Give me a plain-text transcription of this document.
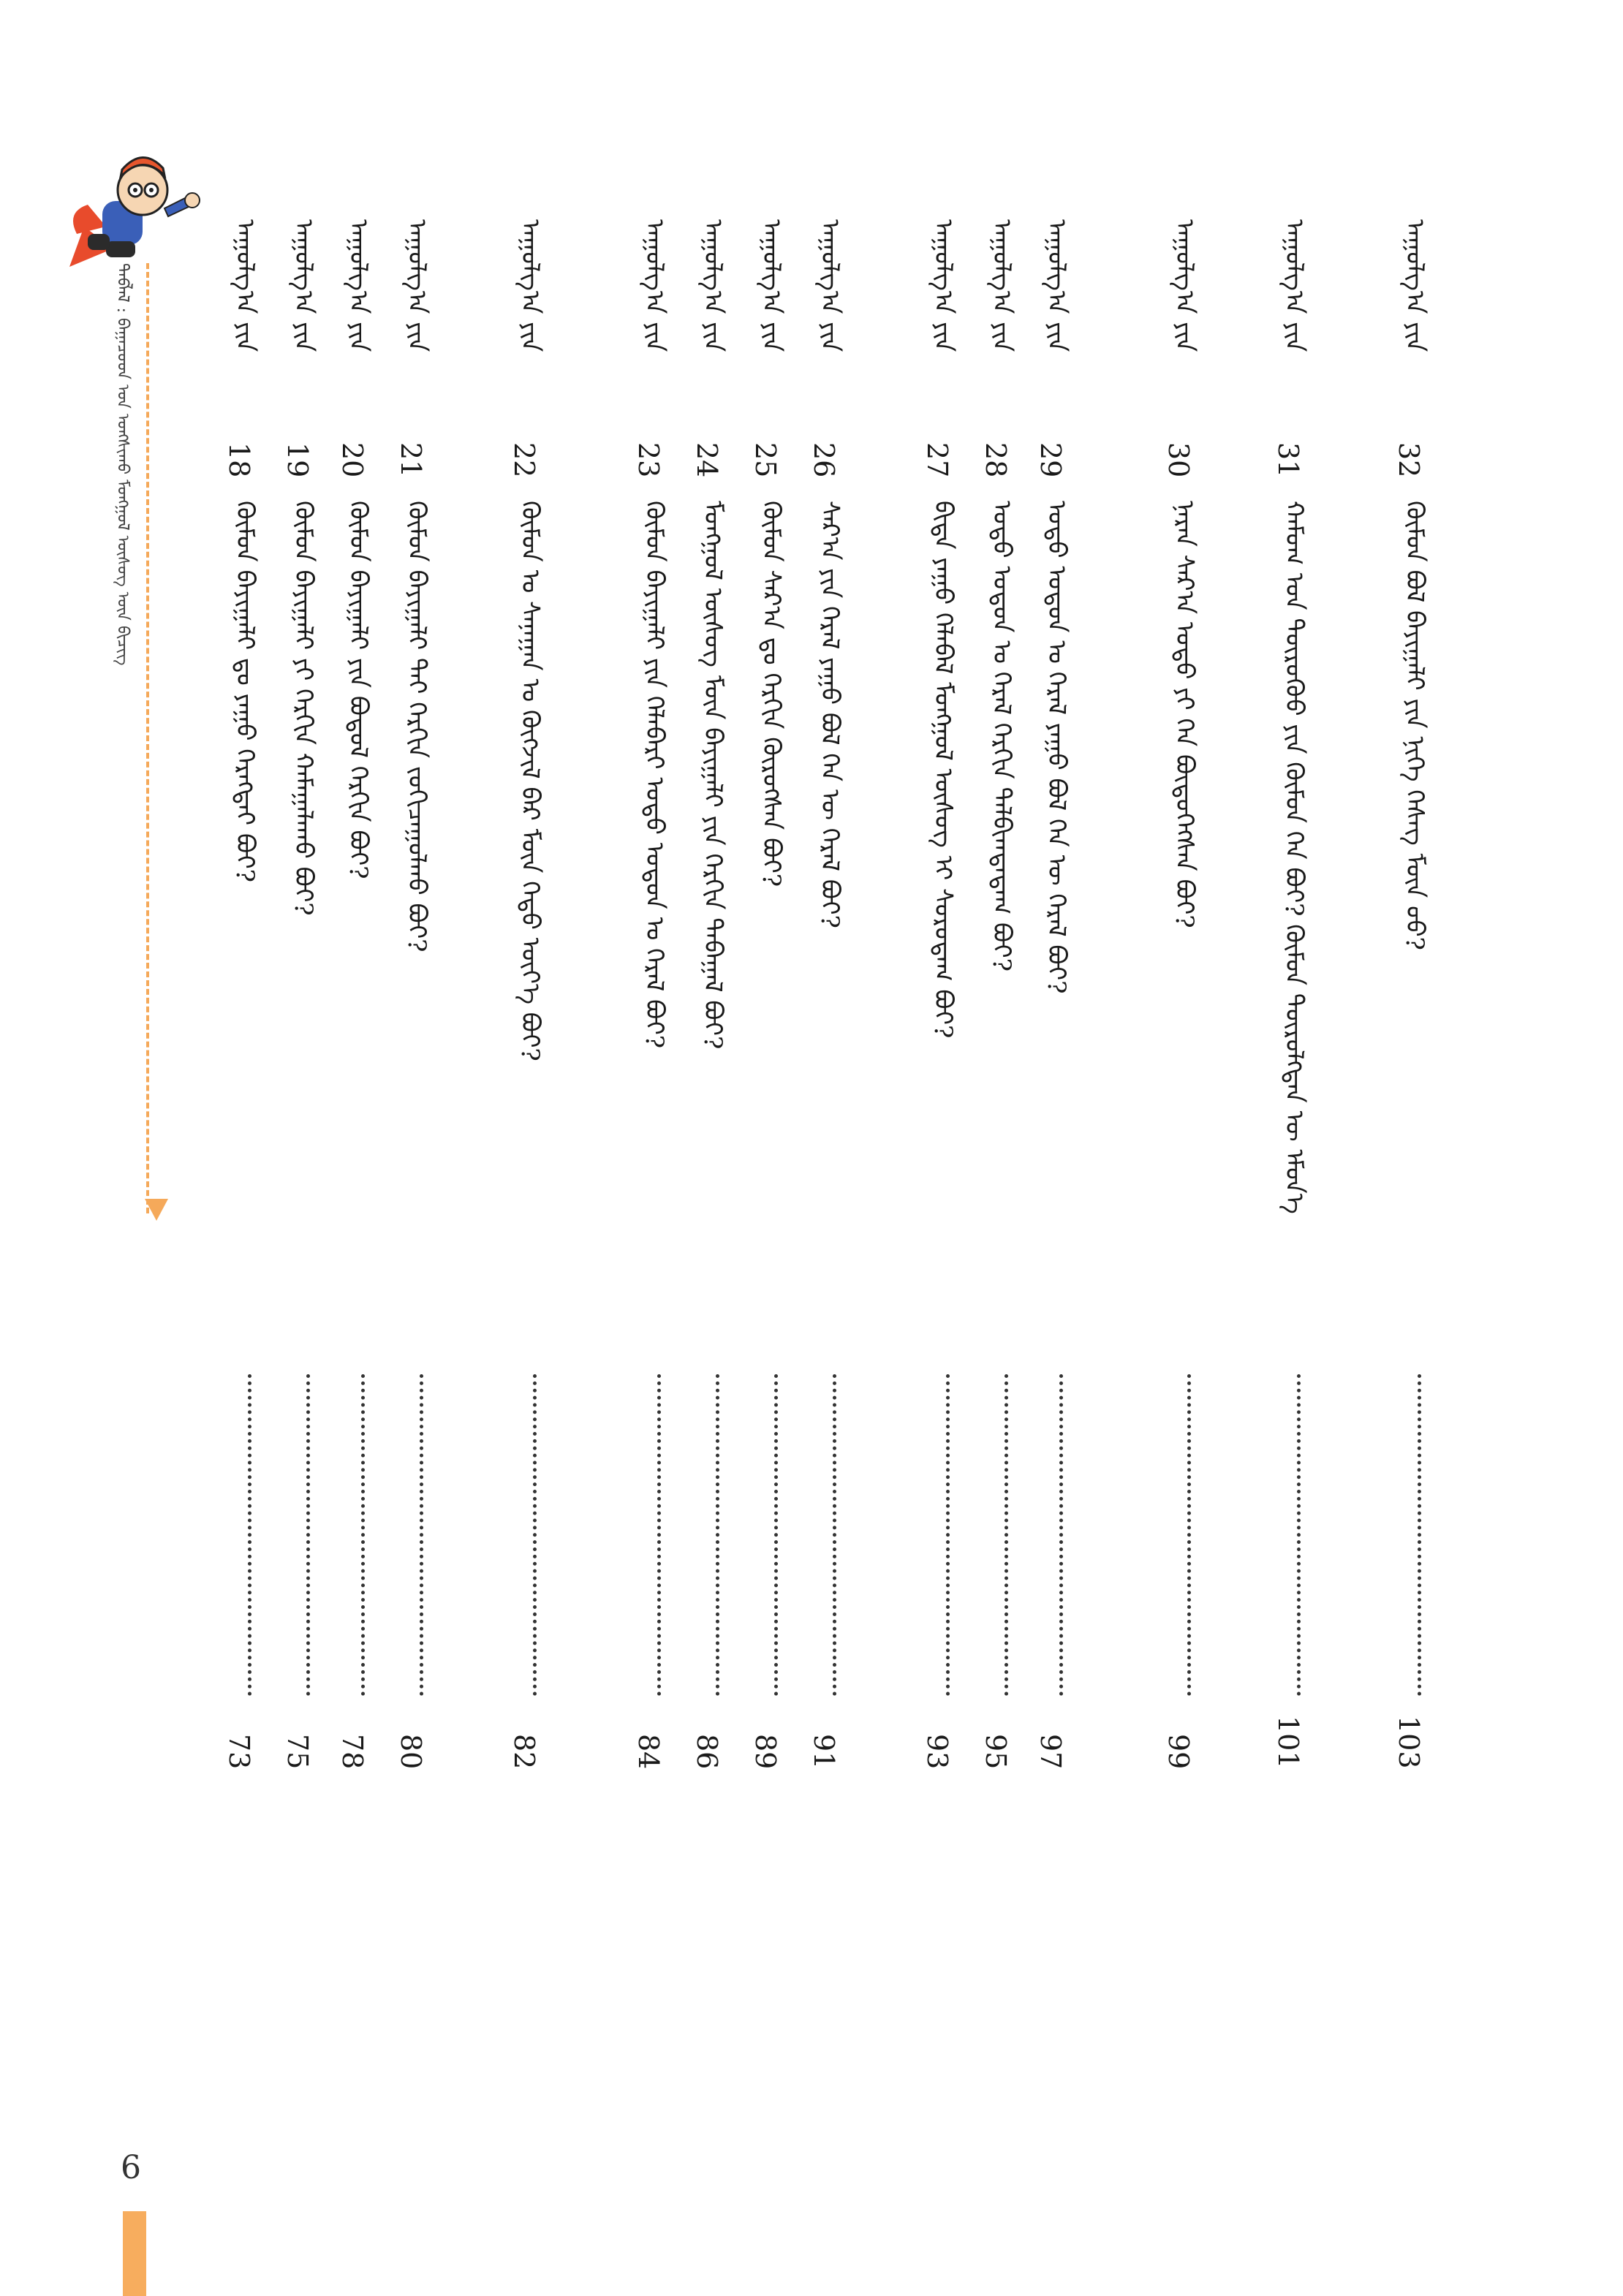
ᠲᠡᠪᠯᠡᠯ : ᠪᠠᠭᠠᠴᠤᠳ ᠤᠨ ᠤᠩᠰᠢᠬᠤ ᠮᠣᠩᠭᠣᠯ ᠦᠰᠦᠭ ᠦᠨ ᠪᠢᠴᠢᠭ	ᠠᠭᠤᠯᠭ᠎ᠠ ᠶᠢᠨ
32
ᠬᠦᠮᠦᠨ ᠪᠣᠯ ᠪᠠᠶᠢᠭᠠᠯᠢ ᠶᠢᠨ ᠨᠢᠭᠡ ᠬᠡᠰᠡᠭ ᠮᠥᠨ ᠦᠦ?
103
ᠠᠭᠤᠯᠭ᠎ᠠ ᠶᠢᠨ
31
ᠬᠠᠮᠤᠭ ᠤᠨ ᠲᠦᠷᠦᠭᠦᠦ ᠶᠢᠨ ᠬᠦᠮᠦᠨ ᠬᠡᠨ ᠪᠤᠢ? ᠬᠦᠮᠦᠨ ᠲᠥᠷᠦᠯᠬᠲᠡᠨ ᠦ ᠡᠮᠦᠨ᠎ᠡ
101
ᠠᠭᠤᠯᠭ᠎ᠠ ᠶᠢᠨ
30
ᠨᠠᠷᠠᠨ ᠰᠠᠷ᠎ᠠ ᠣᠳᠤ ᠶᠢ ᠬᠡᠨ ᠪᠦᠲᠦᠭᠡᠭᠰᠡᠨ ᠪᠤᠢ?
99
ᠠᠭᠤᠯᠭ᠎ᠠ ᠶᠢᠨ
29
ᠣᠳᠣ ᠣᠳᠣᠨ ᠤ ᠭᠡᠷᠡᠯ ᠶᠠᠭᠤ ᠪᠣᠯ ᠬᠡᠨ ᠦ ᠭᠡᠷᠡᠯ ᠪᠤᠢ?
97
ᠠᠭᠤᠯᠭ᠎ᠠ ᠶᠢᠨ
28
ᠣᠳᠣ ᠣᠳᠣᠨ ᠤ ᠭᠡᠷᠡᠯ ᠬᠡᠷᠬᠢᠨ ᠲᠠᠯᠪᠢᠭᠳᠠᠳᠠᠭ ᠪᠤᠢ?
95
ᠠᠭᠤᠯᠭ᠎ᠠ ᠶᠢᠨ
27
ᠪᠢᠳᠡ ᠶᠠᠭᠤ ᠬᠡᠯᠡᠪᠡᠯ ᠮᠣᠩᠭᠣᠯ ᠦᠰᠦᠭ ᠢ ᠰᠤᠷᠤᠳᠠᠭ ᠪᠤᠢ?
93
ᠠᠭᠤᠯᠭ᠎ᠠ ᠶᠢᠨ
26
ᠰᠠᠷ᠎ᠠ ᠶᠢᠨ ᠭᠡᠷᠡᠯ ᠶᠠᠭᠤ ᠪᠣᠯ ᠬᠡᠨ ᠦ ᠭᠡᠷᠡᠯ ᠪᠤᠢ?
91
ᠠᠭᠤᠯᠭ᠎ᠠ ᠶᠢᠨ
25
ᠬᠦᠮᠦᠨ ᠰᠠᠷ᠎ᠠ ᠳᠤ ᠬᠡᠷᠬᠢᠨ ᠬᠦᠷᠦᠭᠰᠡᠨ ᠪᠤᠢ?
89
ᠠᠭᠤᠯᠭ᠎ᠠ ᠶᠢᠨ
24
ᠮᠣᠨᠭᠭᠣᠯ ᠦᠰᠦᠭ ᠮᠥᠨ ᠪᠠᠶᠢᠭᠠᠯᠢ ᠶᠢᠨ ᠬᠡᠷᠬᠢᠨ ᠳᠠᠪᠠᠭᠠᠯ ᠪᠤᠢ?
86
ᠠᠭᠤᠯᠭ᠎ᠠ ᠶᠢᠨ
23
ᠬᠦᠮᠦᠨ ᠪᠠᠶᠢᠭᠠᠯᠢ ᠶᠢᠨ ᠬᠡᠯᠡᠪᠡᠷᠢ ᠣᠳᠣ ᠣᠳᠣᠨ ᠤ ᠭᠡᠷᠡᠯ ᠪᠤᠢ?
84
ᠠᠭᠤᠯᠭ᠎ᠠ ᠶᠢᠨ
22
ᠬᠦᠮᠦᠨ ᠤ ᠰᠠᠨᠠᠭᠠᠨ ᠤ ᠬᠥᠭᠵᠢᠯ ᠪᠠᠷ ᠮᠥᠨ ᠬᠡᠳᠦ ᠦᠶ᠎ᠡ ᠪᠤᠢ?
82
ᠠᠭᠤᠯᠭ᠎ᠠ ᠶᠢᠨ
21
ᠬᠦᠮᠦᠨ ᠪᠠᠶᠢᠭᠠᠯᠢ ᠲᠠᠢ ᠬᠡᠷᠬᠢᠨ ᠵᠣᠬᠢᠴᠠᠭᠤᠯᠬᠤ ᠪᠤᠢ?
80
ᠠᠭᠤᠯᠭ᠎ᠠ ᠶᠢᠨ
20
ᠬᠦᠮᠦᠨ ᠪᠠᠶᠢᠭᠠᠯᠢ ᠶᠢᠨ ᠪᠣᠳᠣᠯ ᠬᠡᠷᠬᠢᠨ ᠪᠤᠢ?
78
ᠠᠭᠤᠯᠭ᠎ᠠ ᠶᠢᠨ
19
ᠬᠦᠮᠦᠨ ᠪᠠᠶᠢᠭᠠᠯᠢ ᠶᠢ ᠬᠡᠷᠬᠢᠨ ᠬᠠᠮᠠᠭᠠᠯᠠᠬᠤ ᠪᠤᠢ?
75
ᠠᠭᠤᠯᠭ᠎ᠠ ᠶᠢᠨ
18
ᠬᠦᠮᠦᠨ ᠪᠠᠶᠢᠭᠠᠯᠢ ᠳᠤ ᠶᠠᠭᠤ ᠬᠡᠷᠡᠭᠲᠡᠢ ᠪᠤᠢ?
73
6
